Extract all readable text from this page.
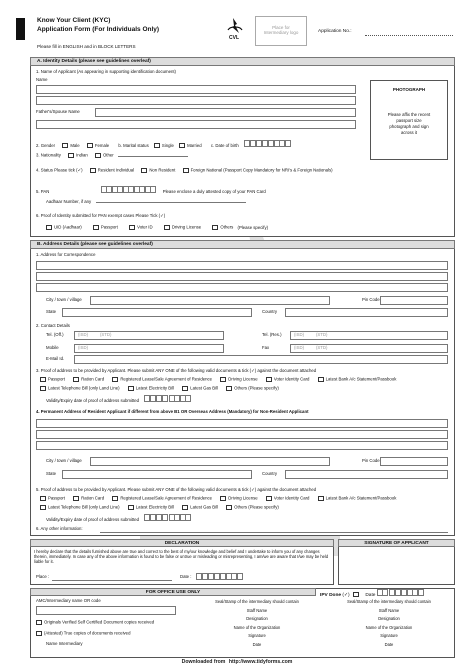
Know Your Client (KYC)
Application Form (For Individuals Only)
Please fill in ENGLISH and in BLOCK LETTERS
CVL
Place for Intermediary logo	Application No.:
A. Identity Details (please see guidelines overleaf)
1. Name of Applicant (As appearing in supporting identification document)
Name
Father's/Spouse Name
PHOTOGRAPH
Please affix the recent passport size photograph and sign across it
2. Gender	Male	Female b. Marital status	Single	Married c. Date of birth
3. Nationality	Indian	Other
4. Status Please tick (✓)	Resident Individual	Non Resident	Foreign National (Passport Copy Mandatory for NRI's & Foreign Nationals)
5. PAN	Please enclose a duly attested copy of your PAN Card
Aadhaar Number, if any
6. Proof of Identity submitted for PAN exempt cases Please Tick (✓)
UID (Aadhaar)	Passport	Voter ID	Driving License	Others (Please specify)
B. Address Details (please see guidelines overleaf)
1. Address for Correspondence
City / town / village	Pin Code
State	Country
2. Contact Details
Tel. (Off.)	(ISD)	(STD)	Tel. (Res.)	(ISD)	(STD)
Mobile	(ISD)	Fax	(ISD)	(STD)
E-Mail Id.
3. Proof of address to be provided by Applicant. Please submit ANY ONE of the following valid documents & tick (✓) against the document attached
Passport	Ration Card	Registered Lease/Sale Agreement of Residence	Driving License	Voter Identity Card	Latest Bank A/c Statement/Passbook
Latest Telephone Bill (only Land Line)	Latest Electricity Bill	Latest Gas Bill	Others (Please specify)
Validity/Expiry date of proof of address submitted
4. Permanent Address of Resident Applicant if different from above B1 OR Overseas Address (Mandatory) for Non-Resident Applicant
City / town / village	Pin Code
State	Country
5. Proof of address to be provided by Applicant. Please submit ANY ONE of the following valid documents & tick (✓) against the document attached
Passport	Ration Card	Registered Lease/Sale Agreement of Residence	Driving License	Voter Identity Card	Latest Bank A/c Statement/Passbook
Latest Telephone Bill (only Land Line)	Latest Electricity Bill	Latest Gas Bill	Others (Please specify)
Validity/Expiry date of proof of address submitted
6. Any other information:
DECLARATION
I hereby declare that the details furnished above are true and correct to the best of my/our knowledge and belief and I undertake to inform you of any changes therein, immediately. In case any of the above information is found to be false or untrue or misleading or misrepresenting, I am/we are aware that I/we may be held liable for it.
Place :	Date :

SIGNATURE OF APPLICANT
FOR OFFICE USE ONLY
IPV Done (✓)	Date
AMC/Intermediary name OR code
Originals Verified Self Certified Document copies received
(Attested) True copies of documents received
Name Intermediary
Seal/Stamp of the intermediary should contain
Staff Name
Designation
Name of the Organization
Signature
Date
Seal/Stamp of the intermediary should contain
Staff Name
Designation
Name of the Organization
Signature
Date
Downloaded from http://www.tidyforms.com
